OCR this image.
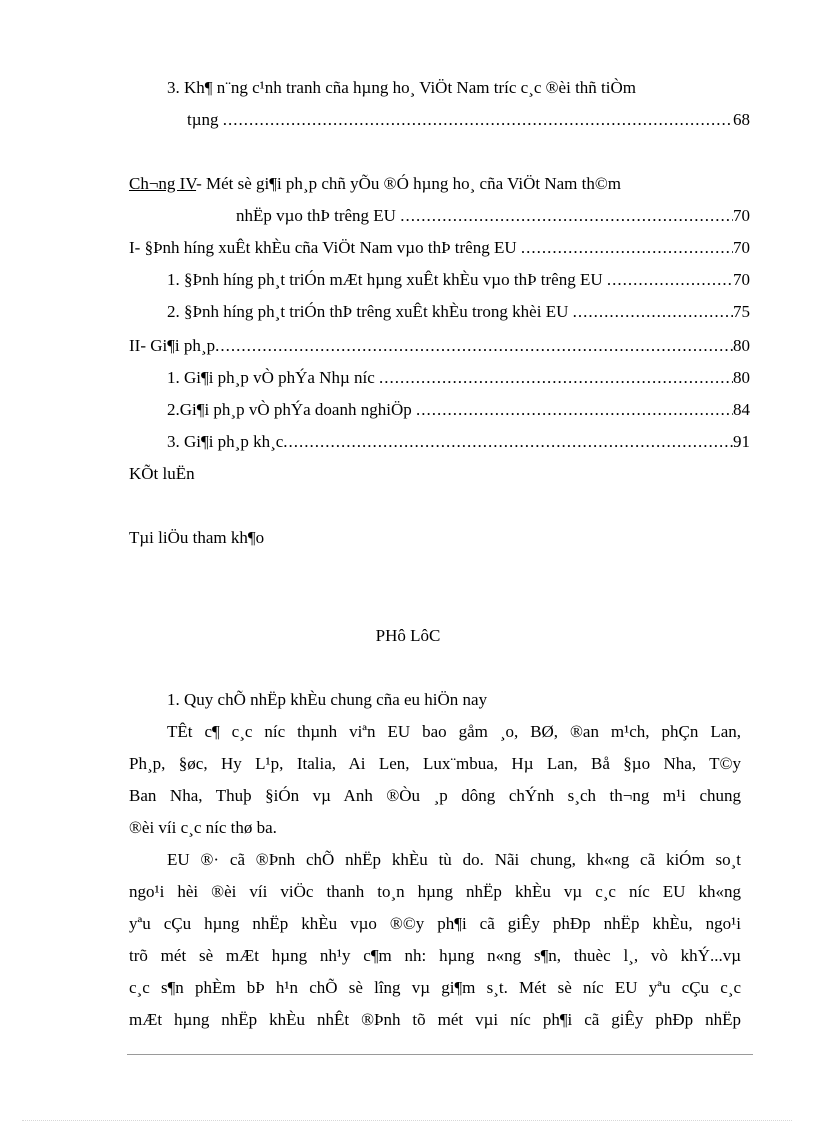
3. Kh¶ n¨ng c¹nh tranh cña hµng ho¸ ViÖt Nam tríc c¸c ®èi thñ tiÒm
tµng
.....	68
Ch¬ng IV- Mét sè gi¶i ph¸p chñ yÕu ®Ó hµng ho¸ cña ViÖt Nam th©m
nhËp vµo thÞ trêng EU
.....	70
I- §Þnh híng xuÊt khÈu cña ViÖt Nam vµo thÞ trêng EU
.....	70
1. §Þnh híng ph¸t triÓn mÆt hµng xuÊt khÈu vµo thÞ trêng EU
.....	70
2. §Þnh híng ph¸t triÓn thÞ trêng xuÊt khÈu trong khèi EU
.....	75
II- Gi¶i ph¸p .....	80
1. Gi¶i ph¸p vÒ phÝa Nhµ níc
.....	80
2.Gi¶i ph¸p vÒ phÝa doanh nghiÖp
.....	84
3. Gi¶i ph¸p kh¸c .....	91
KÕt luËn
Tµi liÖu tham kh¶o
PHô LôC
1. Quy chÕ nhËp khÈu chung cña eu hiÖn nay
TÊt c¶ c¸c níc thµnh viªn EU bao gåm ¸o, BØ, ®an m¹ch, phÇn Lan,
Ph¸p, §øc, Hy L¹p, Italia, Ai Len, Lux¨mbua, Hµ Lan, Bå §µo Nha, T©y
Ban Nha, Thuþ §iÓn vµ Anh ®Òu ¸p dông chÝnh s¸ch th¬ng m¹i chung
®èi víi c¸c níc thø ba.
EU ®· cã ®Þnh chÕ nhËp khÈu tù do. Nãi chung, kh«ng cã kiÓm so¸t
ngo¹i hèi ®èi víi viÖc thanh to¸n hµng nhËp khÈu vµ c¸c níc EU kh«ng
yªu cÇu hµng nhËp khÈu vµo ®©y ph¶i cã giÊy phÐp nhËp khÈu, ngo¹i
trõ mét sè mÆt hµng nh¹y c¶m nh: hµng n«ng s¶n, thuèc l¸, vò khÝ...vµ
c¸c s¶n phÈm bÞ h¹n chÕ sè lîng vµ gi¶m s¸t. Mét sè níc EU yªu cÇu c¸c
mÆt hµng nhËp khÈu nhÊt ®Þnh tõ mét vµi níc ph¶i cã giÊy phÐp nhËp
